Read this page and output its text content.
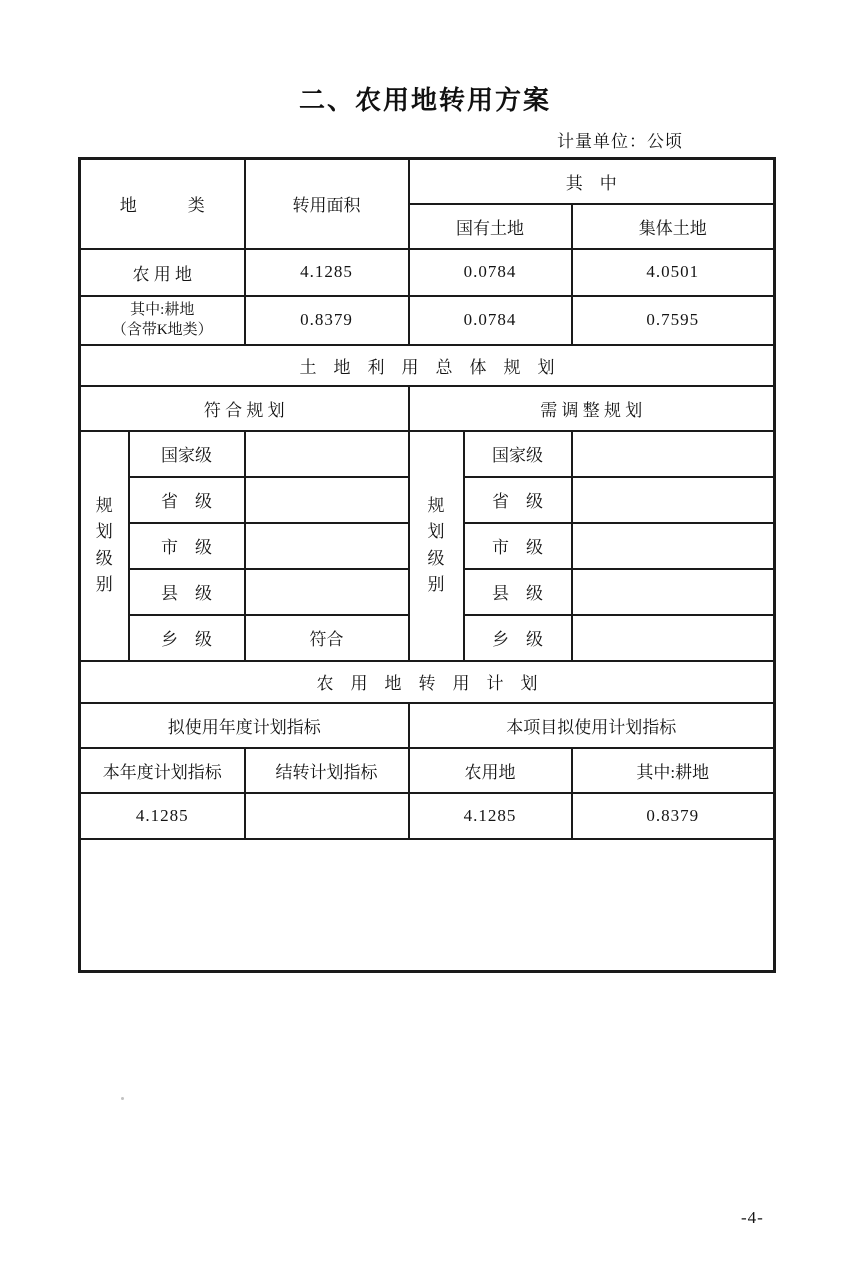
二、农用地转用方案
计量单位：公顷
地　　　类		转用面积	其　中		
			国有土地		集体土地
农 用 地		4.1285	0.0784		4.0501

其中:耕地
（含带K地类）		0.8379	0.0784		0.7595
土　地　利　用　总　体　规　划					
符 合 规 划			需 调 整 规 划		

规划级别	国家级		规划级别	国家级	
	省　级			省　级	
	市　级			市　级	
	县　级			县　级	
	乡　级	符合		乡　级	
农　用　地　转　用　计　划					
拟使用年度计划指标			本项目拟使用计划指标		
本年度计划指标		结转计划指标	农用地		其中:耕地
4.1285			4.1285		0.8379

-4-
